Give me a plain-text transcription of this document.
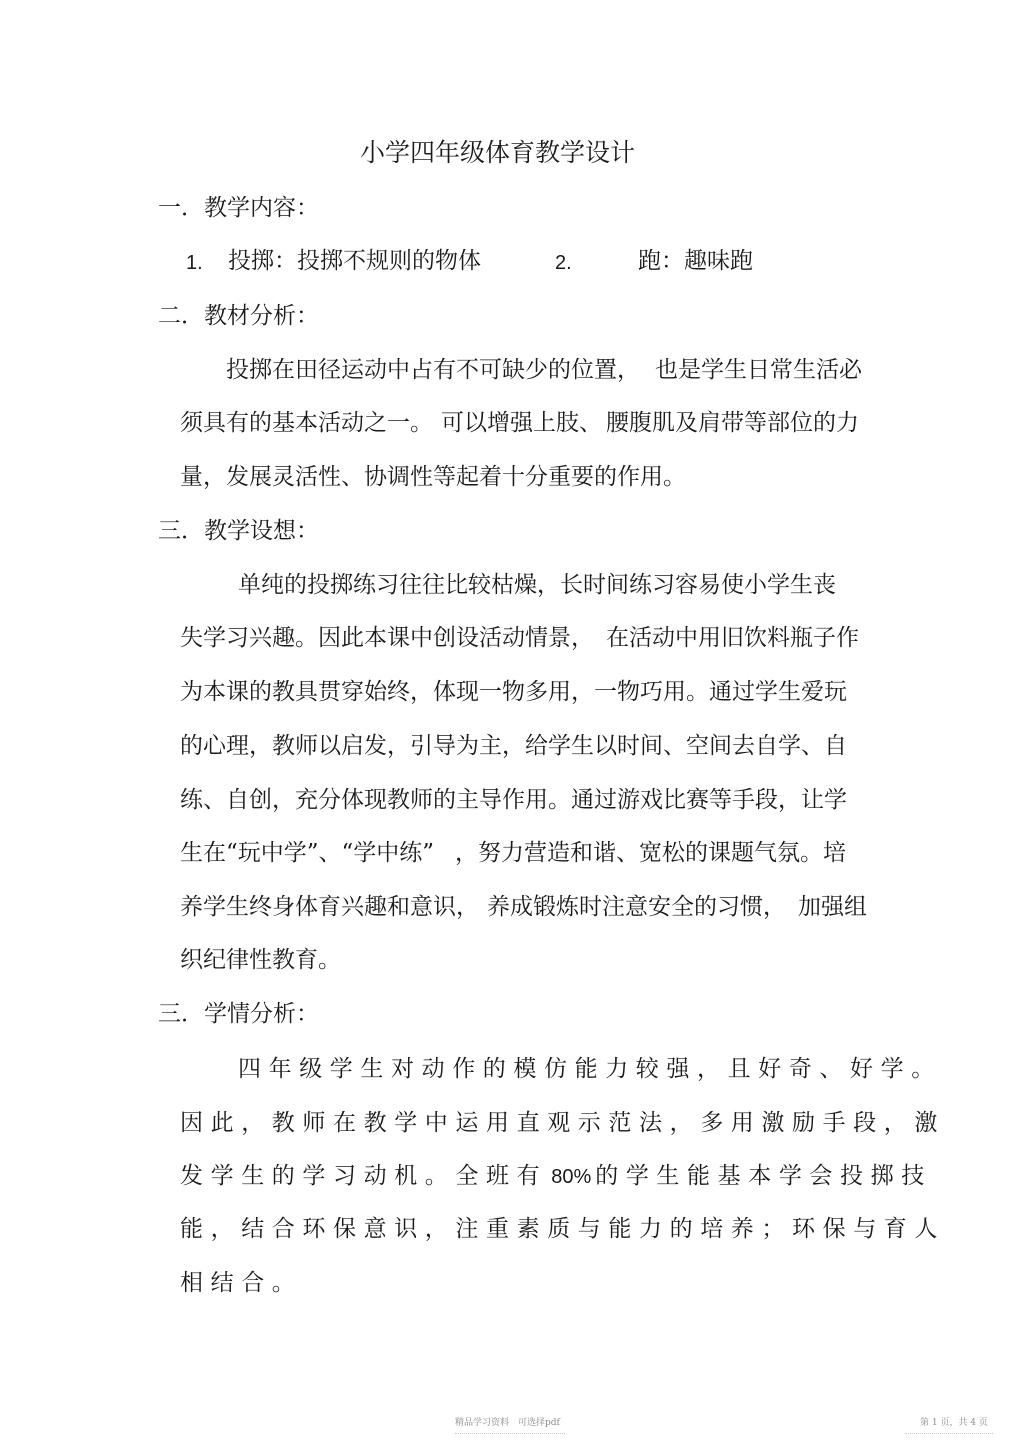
小学四年级体育教学设计
一．教学内容：
1. 投掷：投掷不规则的物体	2.	跑：趣味跑
二．教材分析：
投掷在田径运动中占有不可缺少的位置， 也是学生日常生活必
须具有的基本活动之一。 可以增强上肢、 腰腹肌及肩带等部位的力
量，发展灵活性、协调性等起着十分重要的作用。
三．教学设想：
单纯的投掷练习往往比较枯燥，长时间练习容易使小学生丧
失学习兴趣。因此本课中创设活动情景， 在活动中用旧饮料瓶子作
为本课的教具贯穿始终，体现一物多用，一物巧用。通过学生爱玩
的心理，教师以启发，引导为主，给学生以时间、空间去自学、自
练、自创，充分体现教师的主导作用。通过游戏比赛等手段，让学
生在“玩中学”、“学中练” ，努力营造和谐、宽松的课题气氛。培
养学生终身体育兴趣和意识， 养成锻炼时注意安全的习惯， 加强组
织纪律性教育。
三．学情分析：
四年级学生对动作的模仿能力较强，且好奇、好学。
因此，教师在教学中运用直观示范法，多用激励手段，激
发学生的学习动机。全班有 80% 的学生能基本学会投掷技
能，结合环保意识，注重素质与能力的培养；环保与育人
相结合。
精品学习资料　可选择pdf	第 1 页，共 4 页
